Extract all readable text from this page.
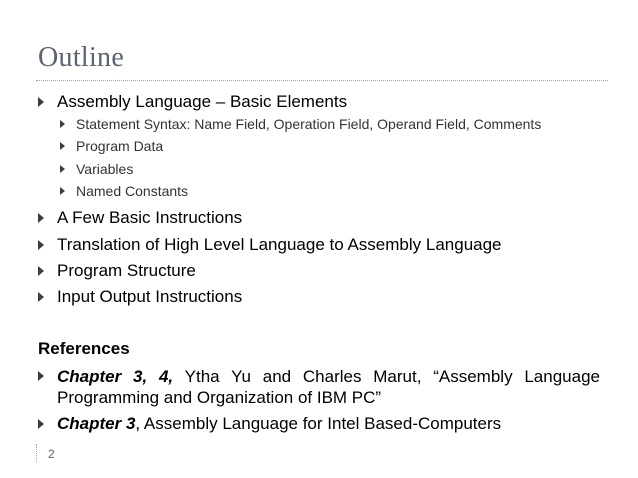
Outline
Assembly Language – Basic Elements
Statement Syntax: Name Field, Operation Field, Operand Field, Comments
Program Data
Variables
Named Constants
A Few Basic Instructions
Translation of High Level Language to Assembly Language
Program Structure
Input Output Instructions
References
Chapter 3, 4, Ytha Yu and Charles Marut, “Assembly Language Programming and Organization of IBM PC”
Chapter 3, Assembly Language for Intel Based-Computers
2
